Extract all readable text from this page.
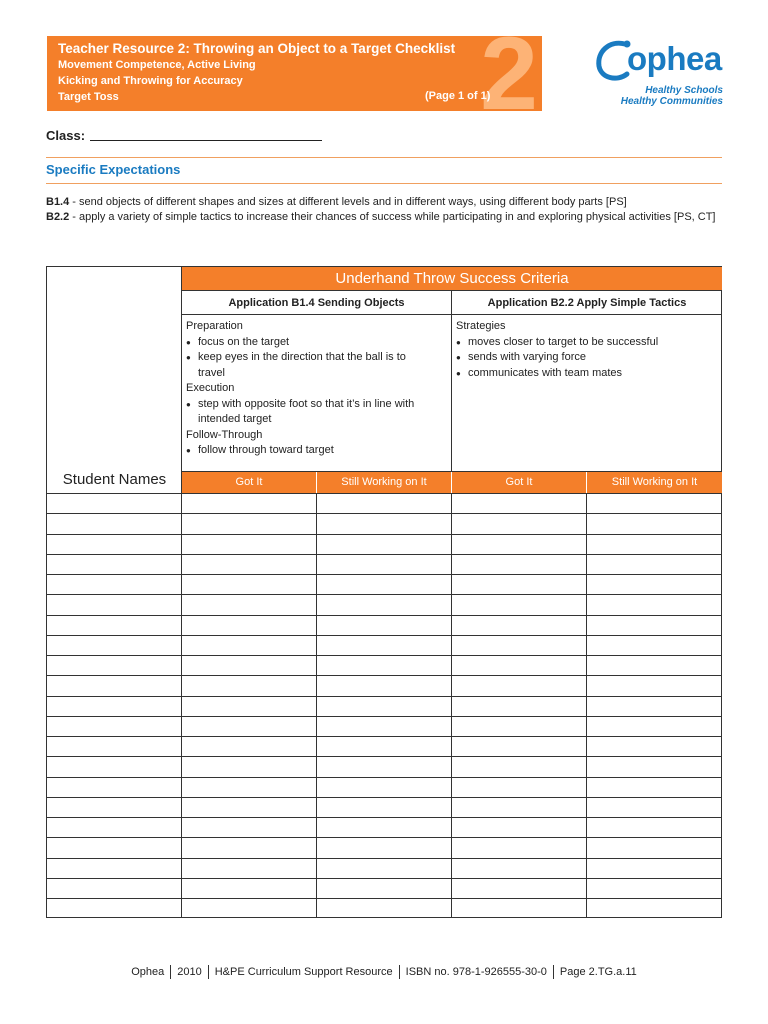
2
Teacher Resource 2: Throwing an Object to a Target Checklist
Movement Competence, Active Living
Kicking and Throwing for Accuracy
Target Toss	(Page 1 of 1)
ophea
Healthy Schools
Healthy Communities
Class:
Specific Expectations
B1.4 - send objects of different shapes and sizes at different levels and in different ways, using different body parts [PS]
B2.2 - apply a variety of simple tactics to increase their chances of success while participating in and exploring physical activities [PS, CT]
Student Names
Underhand Throw Success Criteria
Application B1.4 Sending Objects	Application B2.2 Apply Simple Tactics
Preparation
● focus on the target
● keep eyes in the direction that the ball is to
travel
Execution
● step with opposite foot so that it’s in line with
intended target
Follow-Through
● follow through toward target
Strategies
● moves closer to target to be successful
● sends with varying force
● communicates with team mates
Got It	Still Working on It	Got It	Still Working on It
Ophea 2010 H&PE Curriculum Support Resource ISBN no. 978-1-926555-30-0 Page 2.TG.a.11
